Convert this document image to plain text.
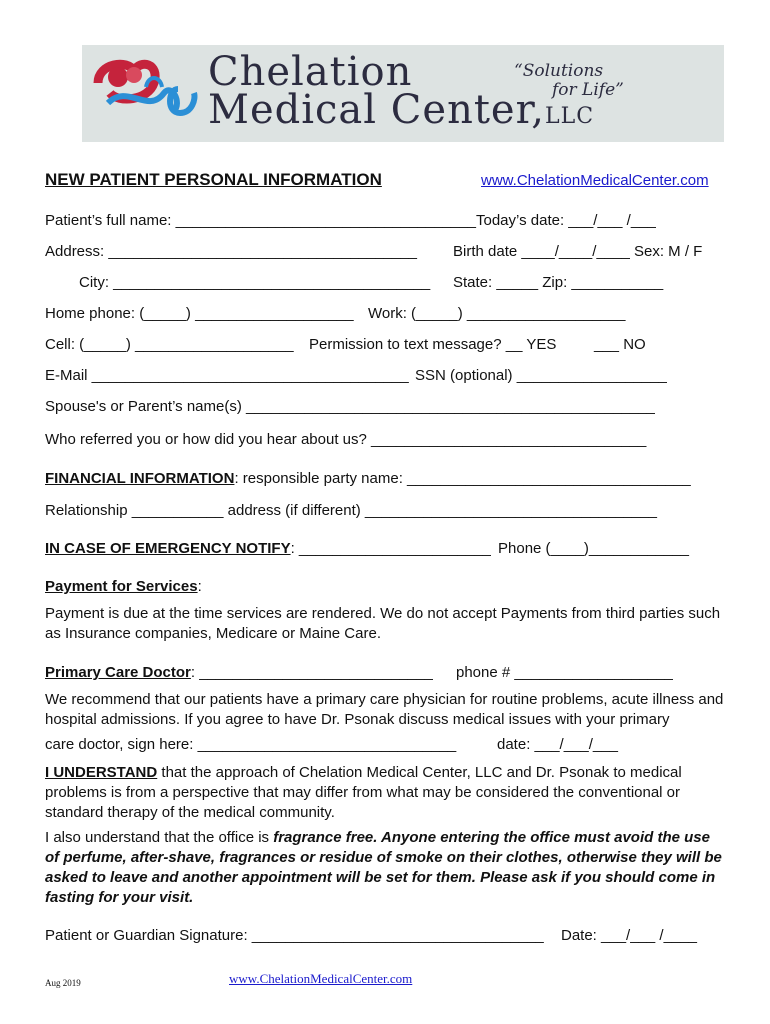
Chelation
Medical Center,LLC
“Solutions
for Life”
NEW PATIENT PERSONAL INFORMATION	www.ChelationMedicalCenter.com
Patient’s full name: ____________________________________ Today’s date: ___/___ /___
Address: _____________________________________ Birth date ____/____/____ Sex: M / F
City: ______________________________________ State: _____ Zip: ___________
Home phone: (_____) ___________________ Work: (_____) ___________________
Cell: (_____) ___________________ Permission to text message? __ YES	___ NO
E-Mail ______________________________________ SSN (optional) __________________
Spouse's or Parent’s name(s) _________________________________________________
Who referred you or how did you hear about us? _________________________________
FINANCIAL INFORMATION: responsible party name: __________________________________
Relationship ___________ address (if different) ___________________________________
IN CASE OF EMERGENCY NOTIFY: _______________________ Phone (____)____________
Payment for Services:
Payment is due at the time services are rendered. We do not accept Payments from third parties such as Insurance companies, Medicare or Maine Care.
Primary Care Doctor: ____________________________ phone # ___________________
We recommend that our patients have a primary care physician for routine problems, acute illness and hospital admissions. If you agree to have Dr. Psonak discuss medical issues with your primary
care doctor, sign here: _______________________________	date: ___/___/___
I UNDERSTAND that the approach of Chelation Medical Center, LLC and Dr. Psonak to medical problems is from a perspective that may differ from what may be considered the conventional or standard therapy of the medical community.
I also understand that the office is fragrance free. Anyone entering the office must avoid the use of perfume, after-shave, fragrances or residue of smoke on their clothes, otherwise they will be asked to leave and another appointment will be set for them. Please ask if you should come in fasting for your visit.
Patient or Guardian Signature: ___________________________________ Date: ___/___ /____
Aug 2019	www.ChelationMedicalCenter.com
